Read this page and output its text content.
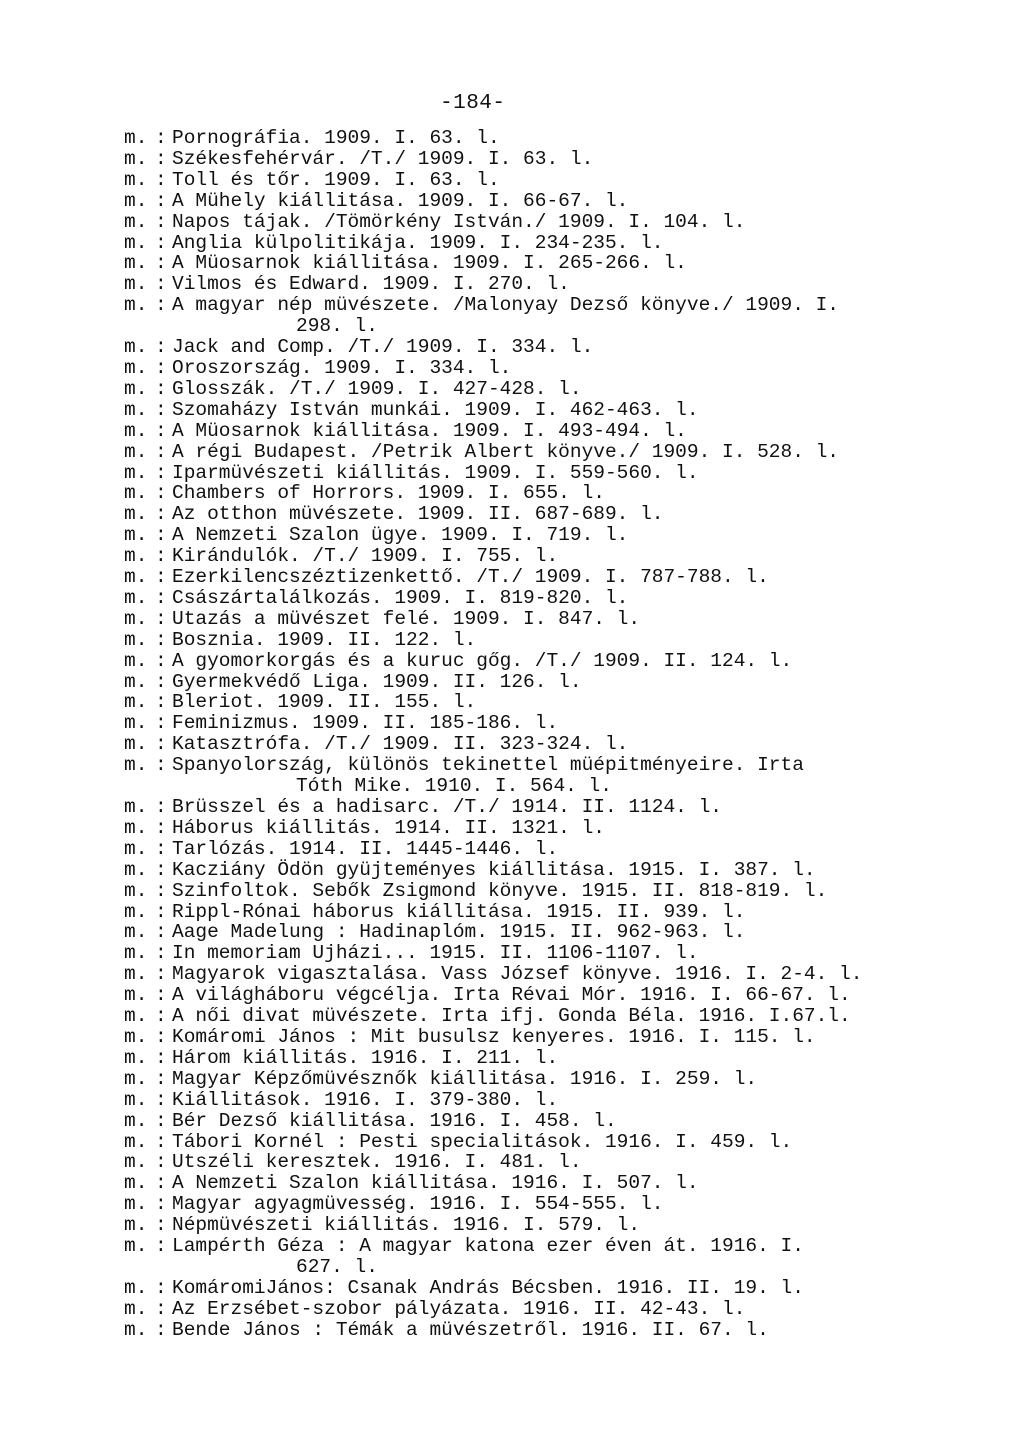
-184-
m. : Pornográfia. 1909. I. 63. l.
m. : Székesfehérvár. /T./ 1909. I. 63. l.
m. : Toll és tőr. 1909. I. 63. l.
m. : A Mühely kiállitása. 1909. I. 66-67. l.
m. : Napos tájak. /Tömörkény István./ 1909. I. 104. l.
m. : Anglia külpolitikája. 1909. I. 234-235. l.
m. : A Müosarnok kiállitása. 1909. I. 265-266. l.
m. : Vilmos és Edward. 1909. I. 270. l.
m. : A magyar nép müvészete. /Malonyay Dezső könyve./ 1909. I.
298. l.
m. : Jack and Comp. /T./ 1909. I. 334. l.
m. : Oroszország. 1909. I. 334. l.
m. : Glosszák. /T./ 1909. I. 427-428. l.
m. : Szomaházy István munkái. 1909. I. 462-463. l.
m. : A Müosarnok kiállitása. 1909. I. 493-494. l.
m. : A régi Budapest. /Petrik Albert könyve./ 1909. I. 528. l.
m. : Iparmüvészeti kiállitás. 1909. I. 559-560. l.
m. : Chambers of Horrors. 1909. I. 655. l.
m. : Az otthon müvészete. 1909. II. 687-689. l.
m. : A Nemzeti Szalon ügye. 1909. I. 719. l.
m. : Kirándulók. /T./ 1909. I. 755. l.
m. : Ezerkilencszéztizenkettő. /T./ 1909. I. 787-788. l.
m. : Császártalálkozás. 1909. I. 819-820. l.
m. : Utazás a müvészet felé. 1909. I. 847. l.
m. : Bosznia. 1909. II. 122. l.
m. : A gyomorkorgás és a kuruc gőg. /T./ 1909. II. 124. l.
m. : Gyermekvédő Liga. 1909. II. 126. l.
m. : Bleriot. 1909. II. 155. l.
m. : Feminizmus. 1909. II. 185-186. l.
m. : Katasztrófa. /T./ 1909. II. 323-324. l.
m. : Spanyolország, különös tekinettel müépitményeire. Irta
Tóth Mike. 1910. I. 564. l.
m. : Brüsszel és a hadisarc. /T./ 1914. II. 1124. l.
m. : Háborus kiállitás. 1914. II. 1321. l.
m. : Tarlózás. 1914. II. 1445-1446. l.
m. : Kacziány Ödön gyüjteményes kiállitása. 1915. I. 387. l.
m. : Szinfoltok. Sebők Zsigmond könyve. 1915. II. 818-819. l.
m. : Rippl-Rónai háborus kiállitása. 1915. II. 939. l.
m. : Aage Madelung : Hadinaplóm. 1915. II. 962-963. l.
m. : In memoriam Ujházi... 1915. II. 1106-1107. l.
m. : Magyarok vigasztalása. Vass József könyve. 1916. I. 2-4. l.
m. : A világháboru végcélja. Irta Révai Mór. 1916. I. 66-67. l.
m. : A női divat müvészete. Irta ifj. Gonda Béla. 1916. I.67.l.
m. : Komáromi János : Mit busulsz kenyeres. 1916. I. 115. l.
m. : Három kiállitás. 1916. I. 211. l.
m. : Magyar Képzőmüvésznők kiállitása. 1916. I. 259. l.
m. : Kiállitások. 1916. I. 379-380. l.
m. : Bér Dezső kiállitása. 1916. I. 458. l.
m. : Tábori Kornél : Pesti specialitások. 1916. I. 459. l.
m. : Utszéli keresztek. 1916. I. 481. l.
m. : A Nemzeti Szalon kiállitása. 1916. I. 507. l.
m. : Magyar agyagmüvesség. 1916. I. 554-555. l.
m. : Népmüvészeti kiállitás. 1916. I. 579. l.
m. : Lampérth Géza : A magyar katona ezer éven át. 1916. I.
627. l.
m. : KomáromiJános: Csanak András Bécsben. 1916. II. 19. l.
m. : Az Erzsébet-szobor pályázata. 1916. II. 42-43. l.
m. : Bende János : Témák a müvészetről. 1916. II. 67. l.
